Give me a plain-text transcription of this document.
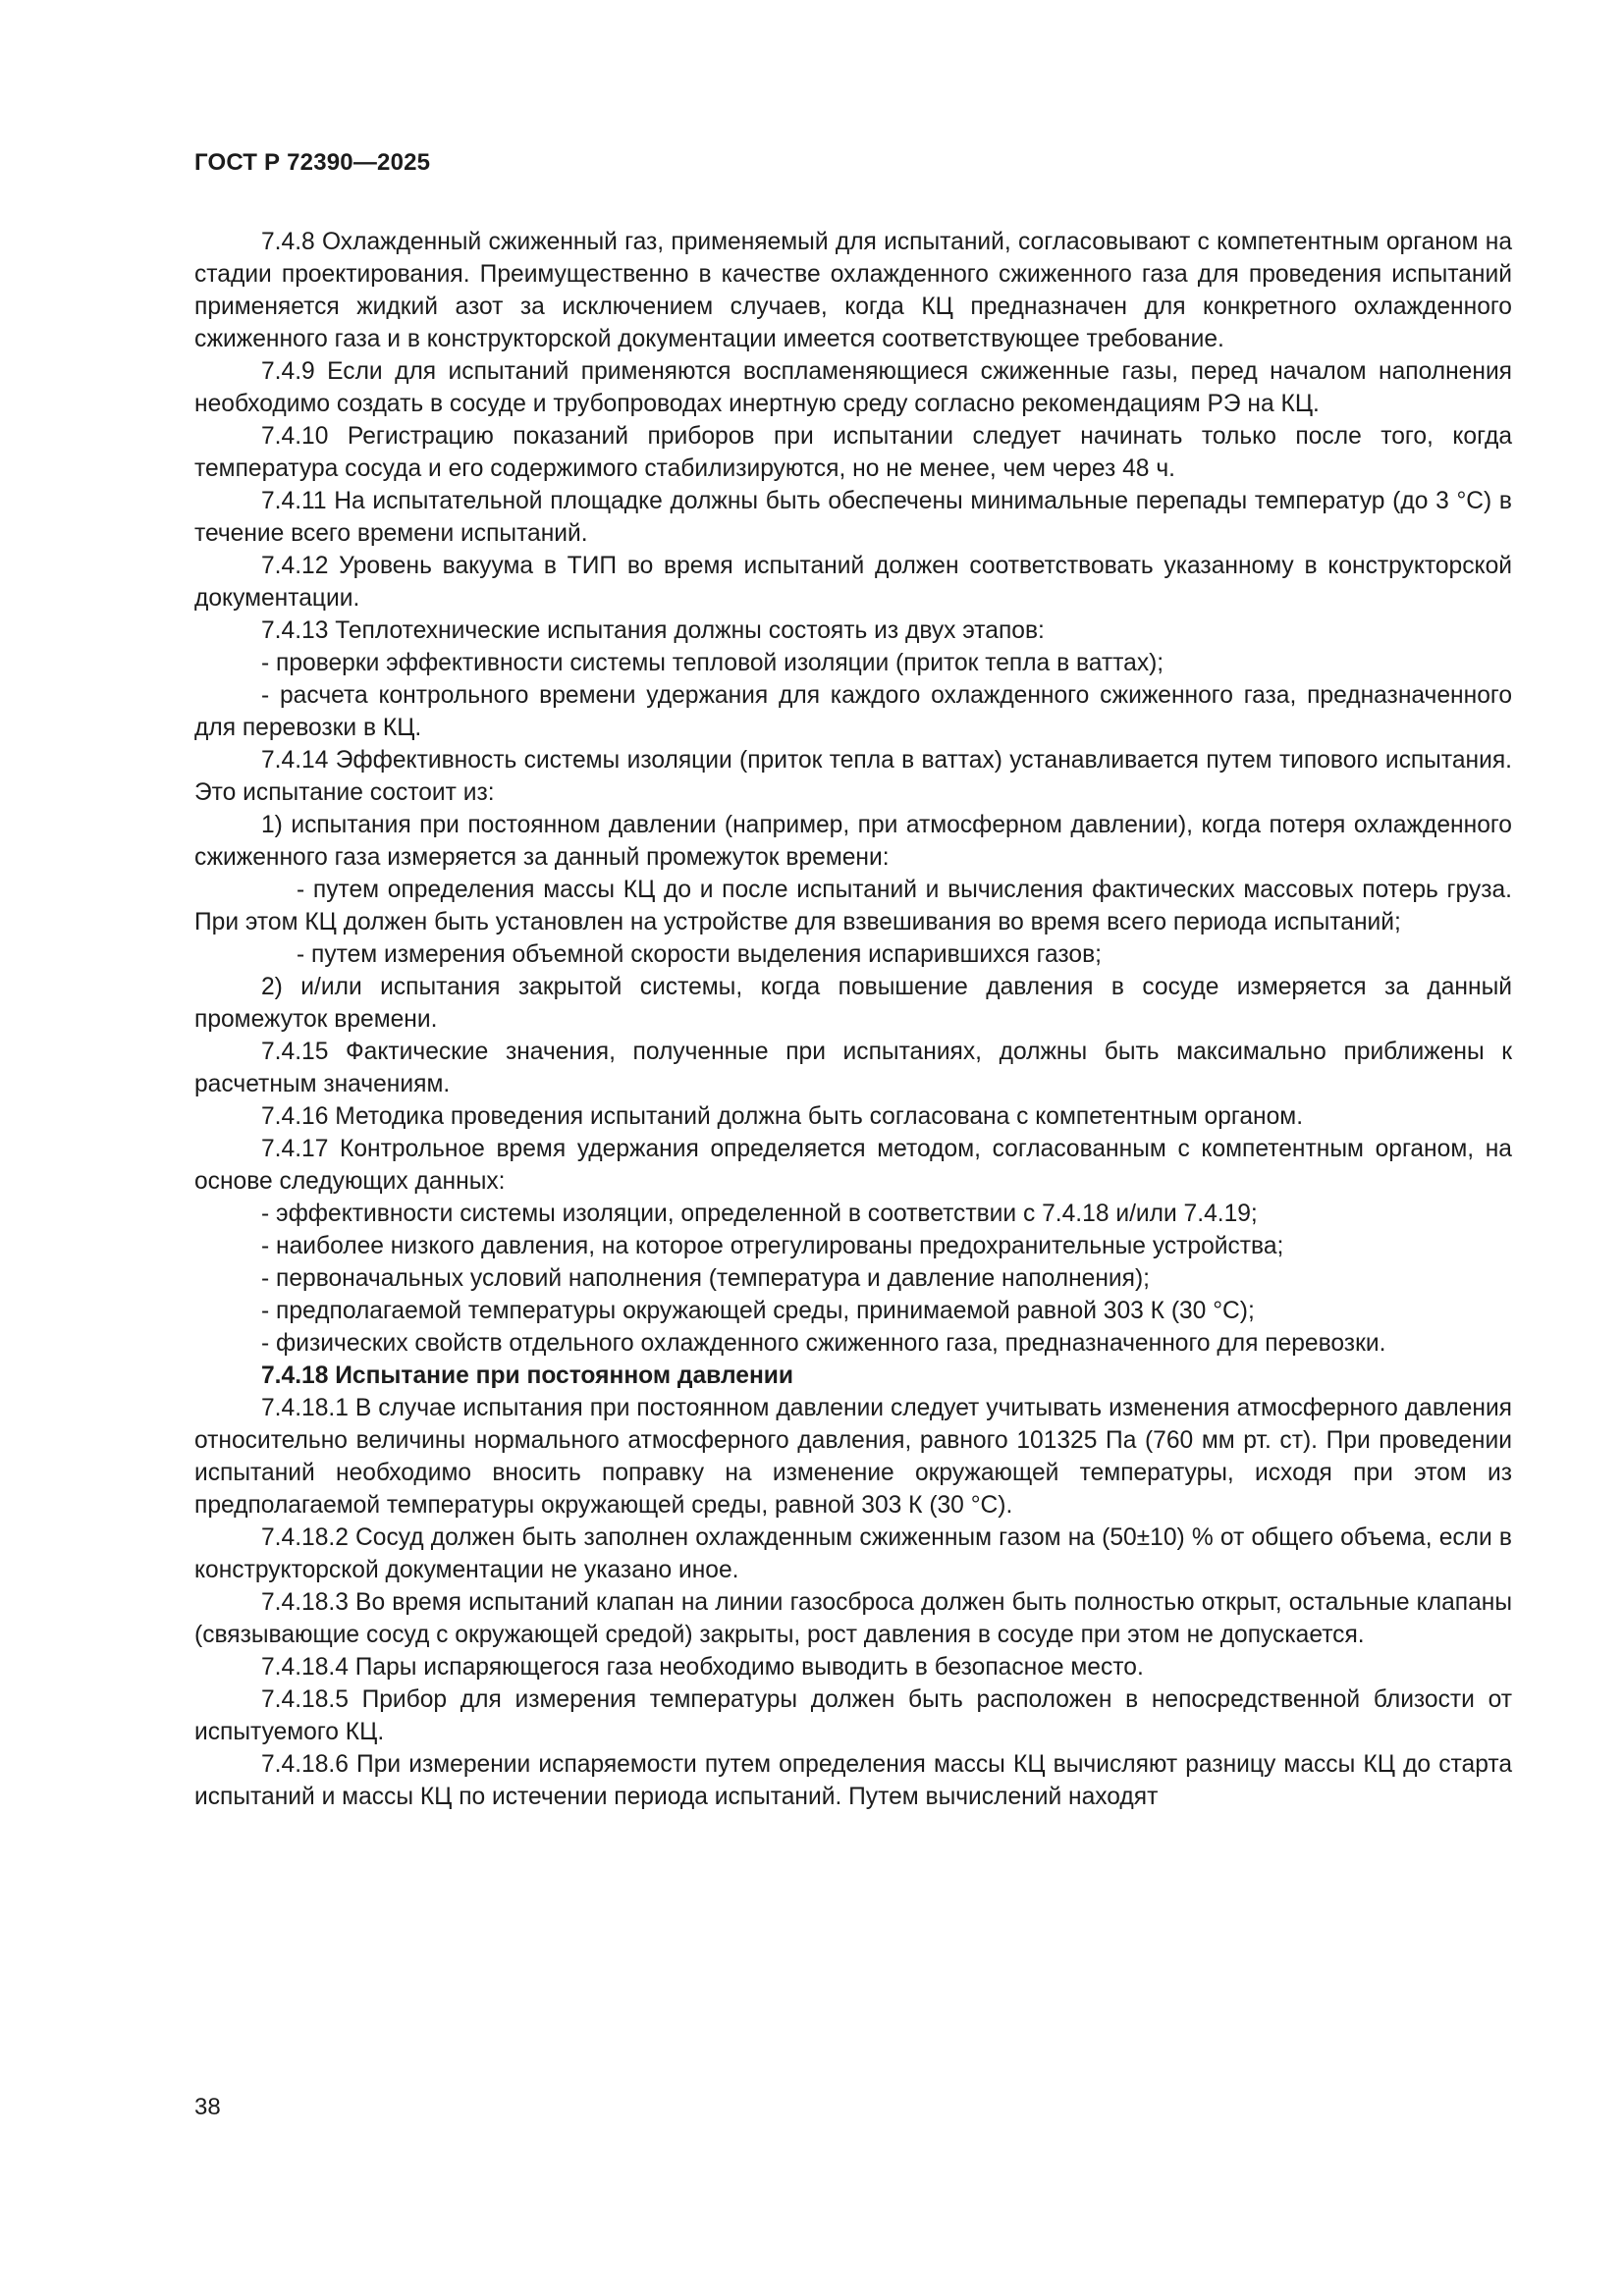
ГОСТ Р 72390—2025

7.4.8 Охлажденный сжиженный газ, применяемый для испытаний, согласовывают с компетентным органом на стадии проектирования. Преимущественно в качестве охлажденного сжиженного газа для проведения испытаний применяется жидкий азот за исключением случаев, когда КЦ предназначен для конкретного охлажденного сжиженного газа и в конструкторской документации имеется соответствующее требование.

7.4.9 Если для испытаний применяются воспламеняющиеся сжиженные газы, перед началом наполнения необходимо создать в сосуде и трубопроводах инертную среду согласно рекомендациям РЭ на КЦ.

7.4.10 Регистрацию показаний приборов при испытании следует начинать только после того, когда температура сосуда и его содержимого стабилизируются, но не менее, чем через 48 ч.

7.4.11 На испытательной площадке должны быть обеспечены минимальные перепады температур (до 3 °С) в течение всего времени испытаний.

7.4.12 Уровень вакуума в ТИП во время испытаний должен соответствовать указанному в конструкторской документации.

7.4.13 Теплотехнические испытания должны состоять из двух этапов:

- проверки эффективности системы тепловой изоляции (приток тепла в ваттах);

- расчета контрольного времени удержания для каждого охлажденного сжиженного газа, предназначенного для перевозки в КЦ.

7.4.14 Эффективность системы изоляции (приток тепла в ваттах) устанавливается путем типового испытания. Это испытание состоит из:

1) испытания при постоянном давлении (например, при атмосферном давлении), когда потеря охлажденного сжиженного газа измеряется за данный промежуток времени:

- путем определения массы КЦ до и после испытаний и вычисления фактических массовых потерь груза. При этом КЦ должен быть установлен на устройстве для взвешивания во время всего периода испытаний;

- путем измерения объемной скорости выделения испарившихся газов;

2) и/или испытания закрытой системы, когда повышение давления в сосуде измеряется за данный промежуток времени.

7.4.15 Фактические значения, полученные при испытаниях, должны быть максимально приближены к расчетным значениям.

7.4.16 Методика проведения испытаний должна быть согласована с компетентным органом.

7.4.17 Контрольное время удержания определяется методом, согласованным с компетентным органом, на основе следующих данных:

- эффективности системы изоляции, определенной в соответствии с 7.4.18 и/или 7.4.19;

- наиболее низкого давления, на которое отрегулированы предохранительные устройства;

- первоначальных условий наполнения (температура и давление наполнения);

- предполагаемой температуры окружающей среды, принимаемой равной 303 К (30 °С);

- физических свойств отдельного охлажденного сжиженного газа, предназначенного для перевозки.

7.4.18 Испытание при постоянном давлении

7.4.18.1 В случае испытания при постоянном давлении следует учитывать изменения атмосферного давления относительно величины нормального атмосферного давления, равного 101325 Па (760 мм рт. ст). При проведении испытаний необходимо вносить поправку на изменение окружающей температуры, исходя при этом из предполагаемой температуры окружающей среды, равной 303 К (30 °С).

7.4.18.2 Сосуд должен быть заполнен охлажденным сжиженным газом на (50±10) % от общего объема, если в конструкторской документации не указано иное.

7.4.18.3 Во время испытаний клапан на линии газосброса должен быть полностью открыт, остальные клапаны (связывающие сосуд с окружающей средой) закрыты, рост давления в сосуде при этом не допускается.

7.4.18.4 Пары испаряющегося газа необходимо выводить в безопасное место.

7.4.18.5 Прибор для измерения температуры должен быть расположен в непосредственной близости от испытуемого КЦ.

7.4.18.6 При измерении испаряемости путем определения массы КЦ вычисляют разницу массы КЦ до старта испытаний и массы КЦ по истечении периода испытаний. Путем вычислений находят

38
